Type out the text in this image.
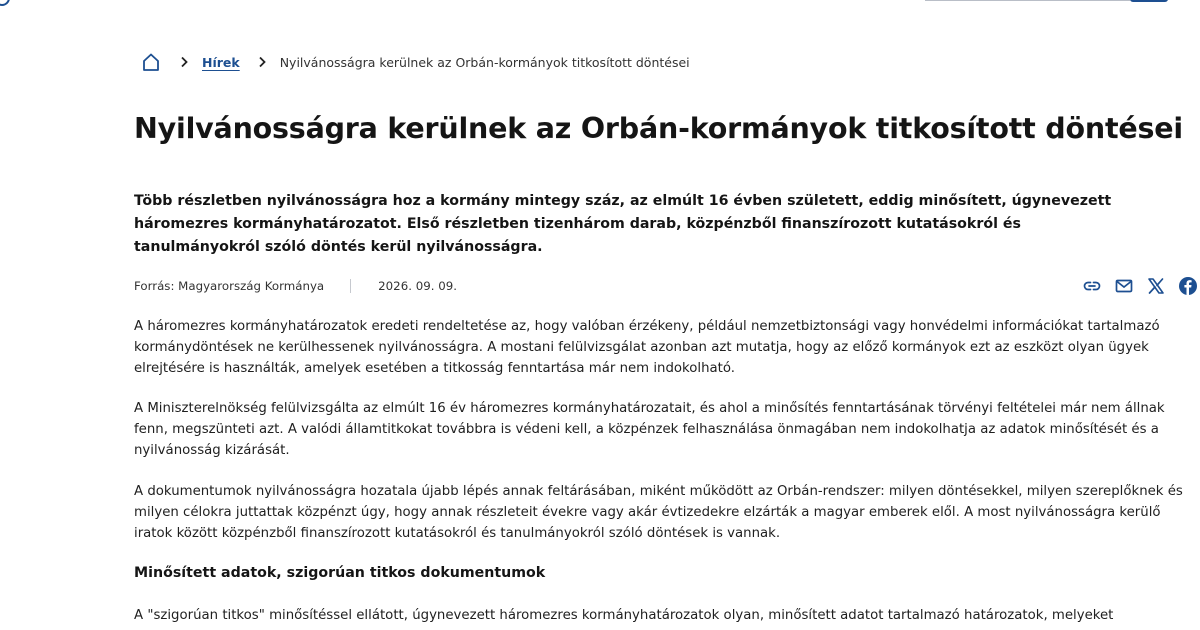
Hírek	Nyilvánosságra kerülnek az Orbán-kormányok titkosított döntései
Nyilvánosságra kerülnek az Orbán-kormányok titkosított döntései

Több részletben nyilvánosságra hoz a kormány mintegy száz, az elmúlt 16 évben született, eddig minősített, úgynevezett háromezres kormányhatározatot. Első részletben tizenhárom darab, közpénzből finanszírozott kutatásokról és tanulmányokról szóló döntés kerül nyilvánosságra.

Forrás: Magyarország Kormánya	2026. 09. 09.

A háromezres kormányhatározatok eredeti rendeltetése az, hogy valóban érzékeny, például nemzetbiztonsági vagy honvédelmi információkat tartalmazó kormánydöntések ne kerülhessenek nyilvánosságra. A mostani felülvizsgálat azonban azt mutatja, hogy az előző kormányok ezt az eszközt olyan ügyek elrejtésére is használták, amelyek esetében a titkosság fenntartása már nem indokolható.

A Miniszterelnökség felülvizsgálta az elmúlt 16 év háromezres kormányhatározatait, és ahol a minősítés fenntartásának törvényi feltételei már nem állnak fenn, megszünteti azt. A valódi államtitkokat továbbra is védeni kell, a közpénzek felhasználása önmagában nem indokolhatja az adatok minősítését és a nyilvánosság kizárását.

A dokumentumok nyilvánosságra hozatala újabb lépés annak feltárásában, miként működött az Orbán-rendszer: milyen döntésekkel, milyen szereplőknek és milyen célokra juttattak közpénzt úgy, hogy annak részleteit évekre vagy akár évtizedekre elzárták a magyar emberek elől. A most nyilvánosságra kerülő iratok között közpénzből finanszírozott kutatásokról és tanulmányokról szóló döntések is vannak.

Minősített adatok, szigorúan titkos dokumentumok

A "szigorúan titkos" minősítéssel ellátott, úgynevezett háromezres kormányhatározatok olyan, minősített adatot tartalmazó határozatok, melyeket
